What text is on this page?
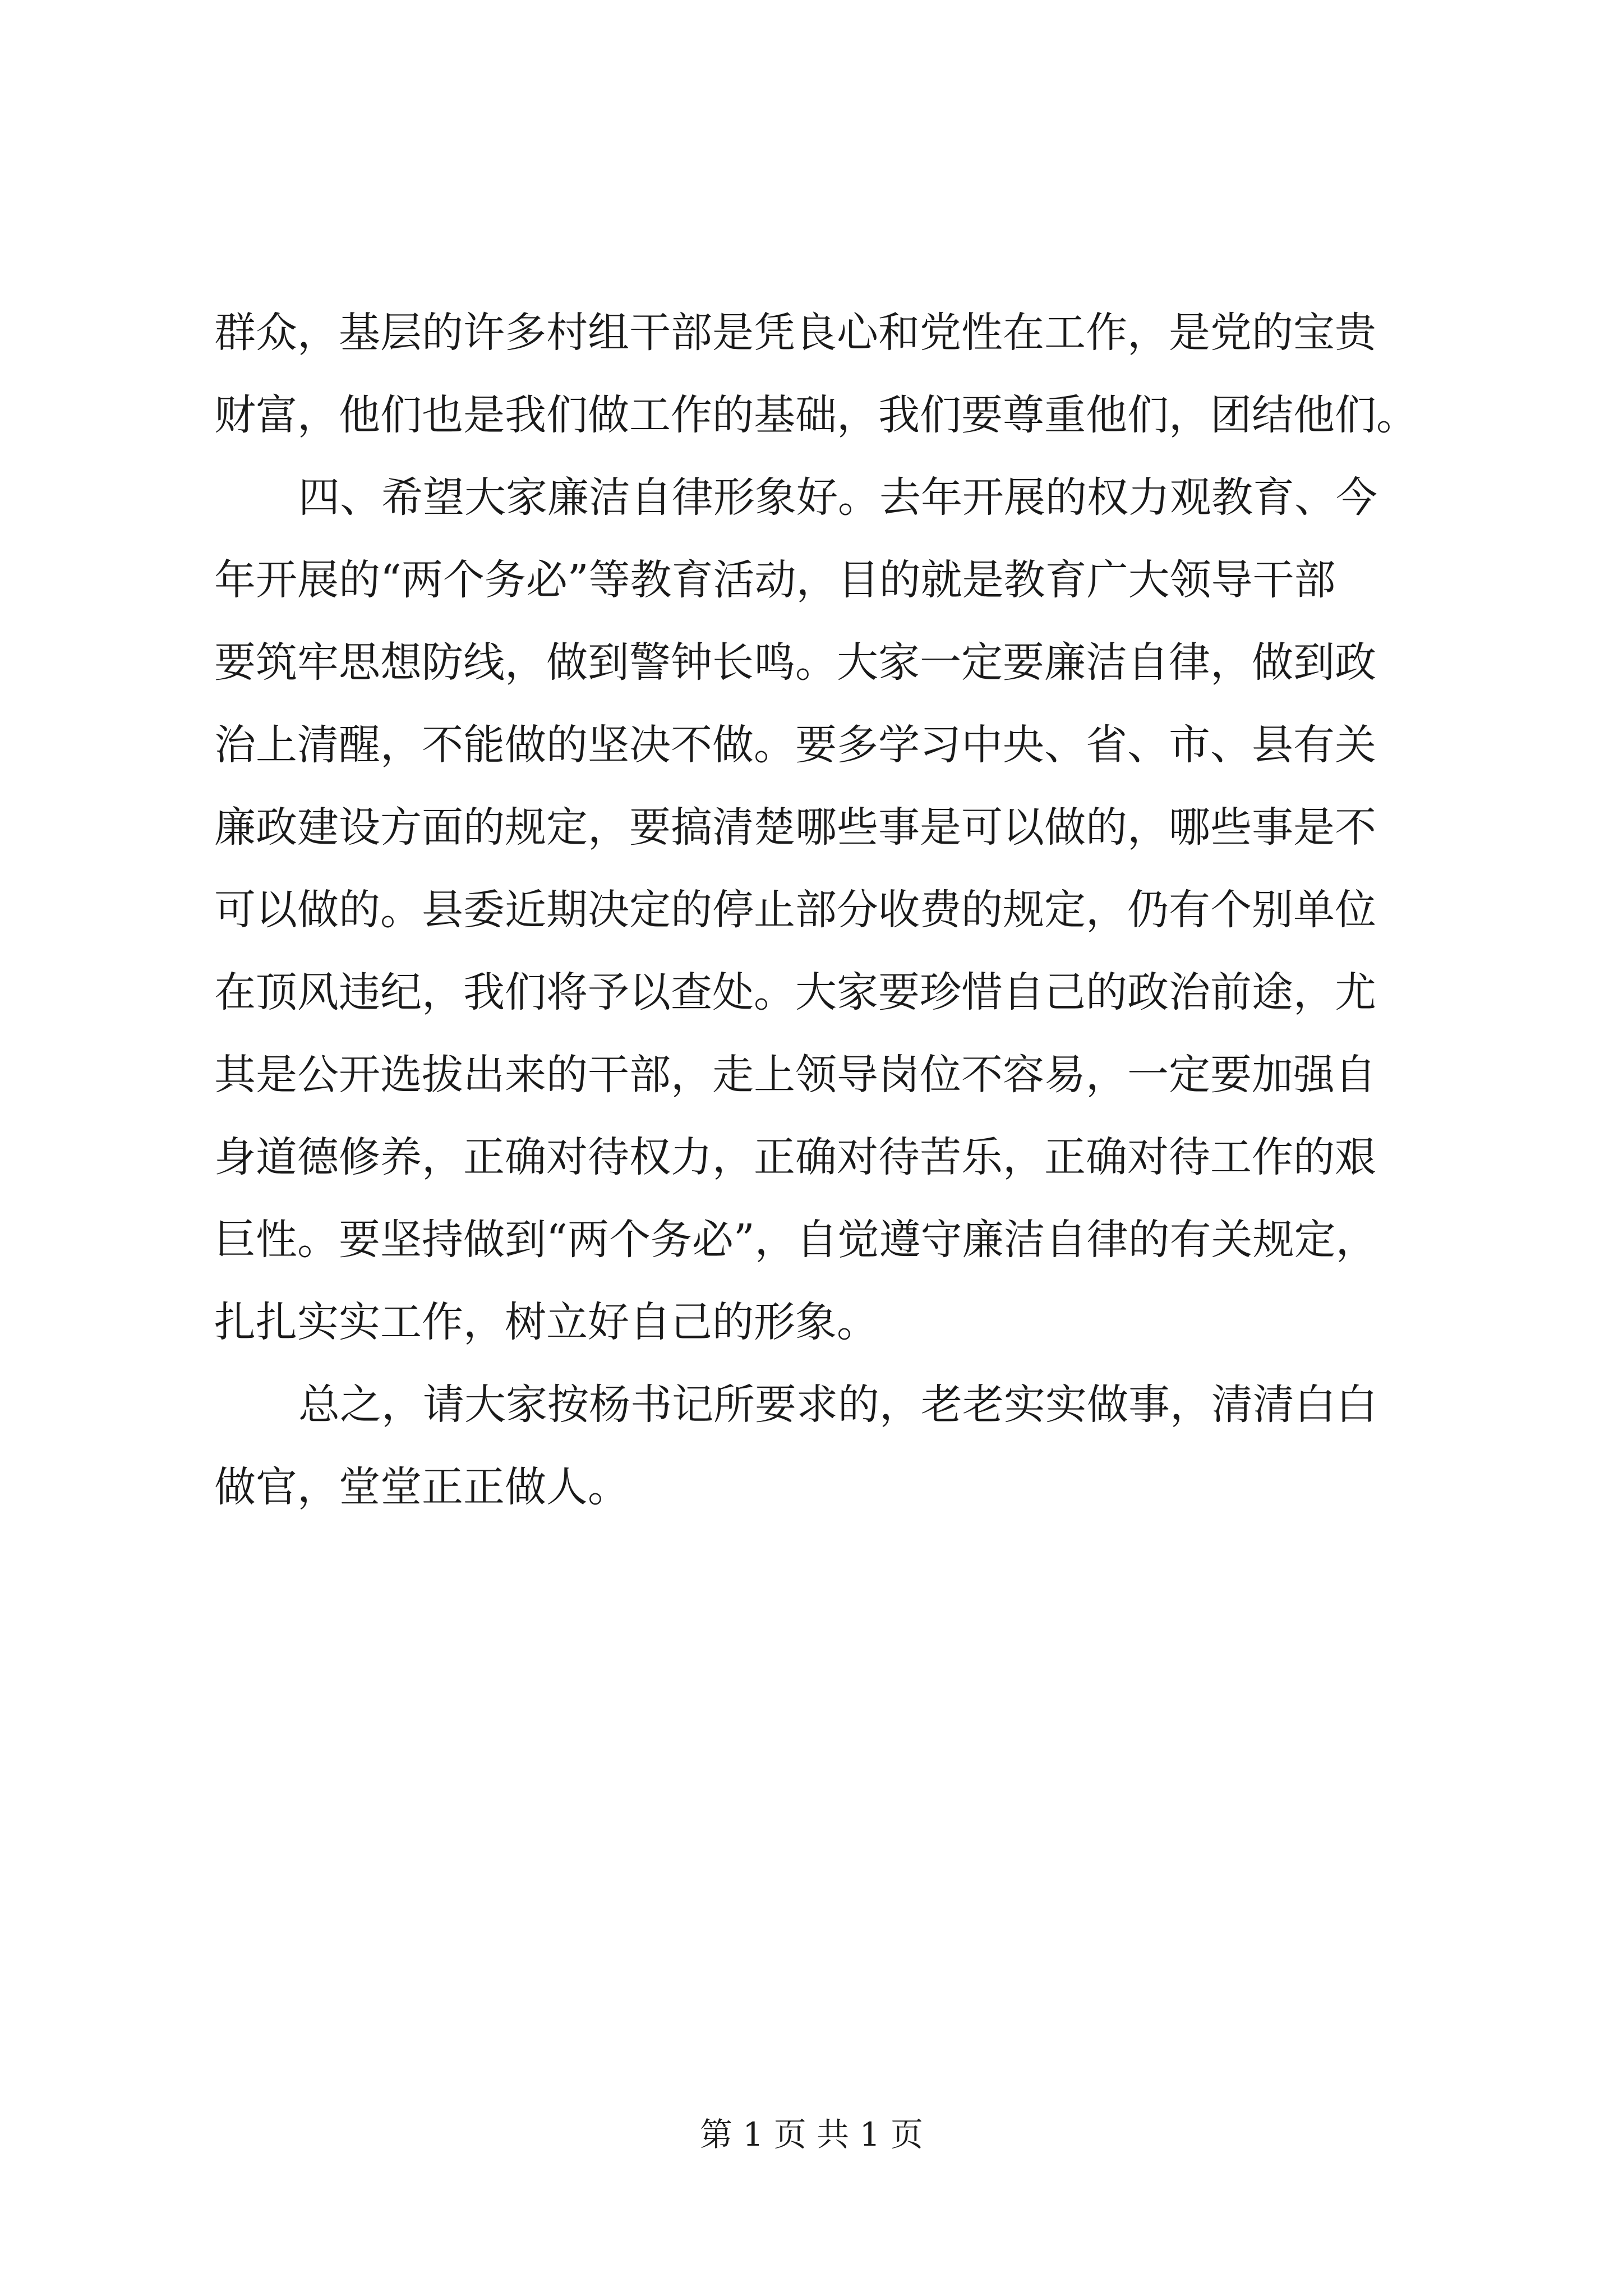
群众，基层的许多村组干部是凭良心和党性在工作，是党的宝贵
财富，他们也是我们做工作的基础，我们要尊重他们，团结他们。
四、希望大家廉洁自律形象好。去年开展的权力观教育、今
年开展的“两个务必”等教育活动，目的就是教育广大领导干部
要筑牢思想防线，做到警钟长鸣。大家一定要廉洁自律，做到政
治上清醒，不能做的坚决不做。要多学习中央、省、市、县有关
廉政建设方面的规定，要搞清楚哪些事是可以做的，哪些事是不
可以做的。县委近期决定的停止部分收费的规定，仍有个别单位
在顶风违纪，我们将予以查处。大家要珍惜自己的政治前途，尤
其是公开选拔出来的干部，走上领导岗位不容易，一定要加强自
身道德修养，正确对待权力，正确对待苦乐，正确对待工作的艰
巨性。要坚持做到“两个务必”，自觉遵守廉洁自律的有关规定，
扎扎实实工作，树立好自己的形象。
总之，请大家按杨书记所要求的，老老实实做事，清清白白
做官，堂堂正正做人。
第 1 页 共 1 页
